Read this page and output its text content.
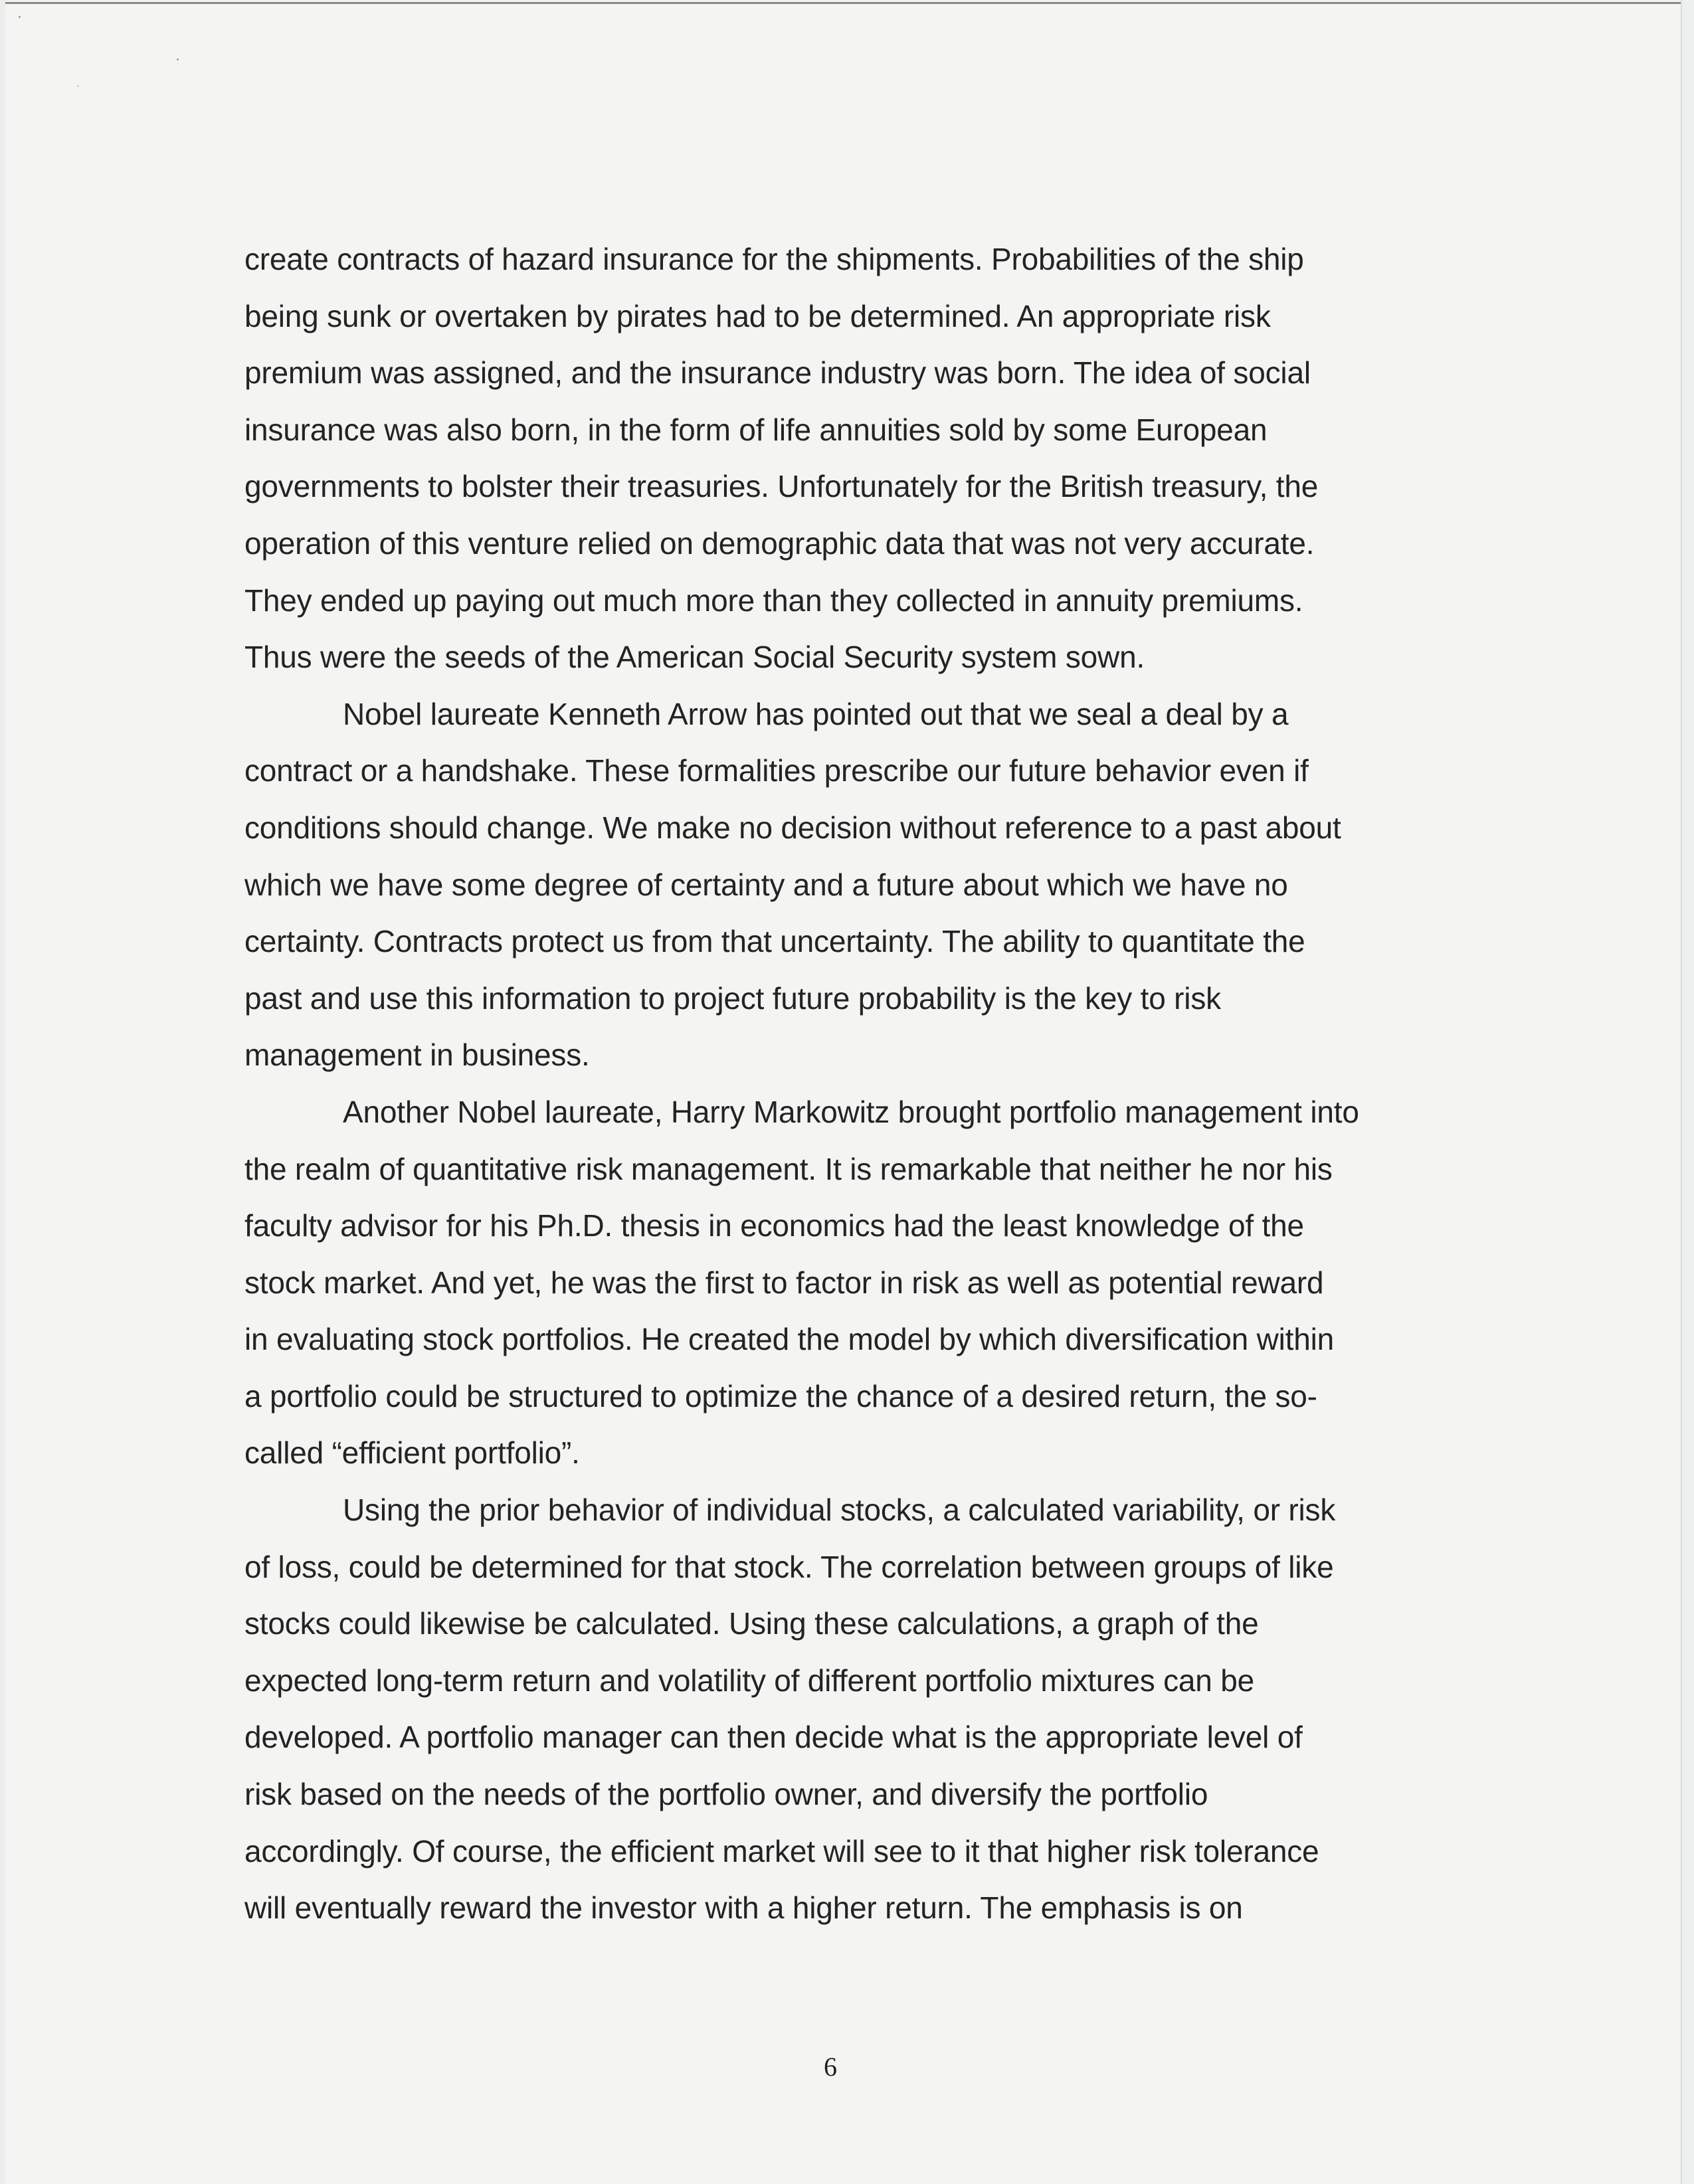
create contracts of hazard insurance for the shipments. Probabilities of the ship
being sunk or overtaken by pirates had to be determined. An appropriate risk
premium was assigned, and the insurance industry was born. The idea of social
insurance was also born, in the form of life annuities sold by some European
governments to bolster their treasuries. Unfortunately for the British treasury, the
operation of this venture relied on demographic data that was not very accurate.
They ended up paying out much more than they collected in annuity premiums.
Thus were the seeds of the American Social Security system sown.
Nobel laureate Kenneth Arrow has pointed out that we seal a deal by a
contract or a handshake. These formalities prescribe our future behavior even if
conditions should change. We make no decision without reference to a past about
which we have some degree of certainty and a future about which we have no
certainty. Contracts protect us from that uncertainty. The ability to quantitate the
past and use this information to project future probability is the key to risk
management in business.
Another Nobel laureate, Harry Markowitz brought portfolio management into
the realm of quantitative risk management. It is remarkable that neither he nor his
faculty advisor for his Ph.D. thesis in economics had the least knowledge of the
stock market. And yet, he was the first to factor in risk as well as potential reward
in evaluating stock portfolios. He created the model by which diversification within
a portfolio could be structured to optimize the chance of a desired return, the so-
called “efficient portfolio”.
Using the prior behavior of individual stocks, a calculated variability, or risk
of loss, could be determined for that stock. The correlation between groups of like
stocks could likewise be calculated. Using these calculations, a graph of the
expected long-term return and volatility of different portfolio mixtures can be
developed. A portfolio manager can then decide what is the appropriate level of
risk based on the needs of the portfolio owner, and diversify the portfolio
accordingly. Of course, the efficient market will see to it that higher risk tolerance
will eventually reward the investor with a higher return. The emphasis is on
6
